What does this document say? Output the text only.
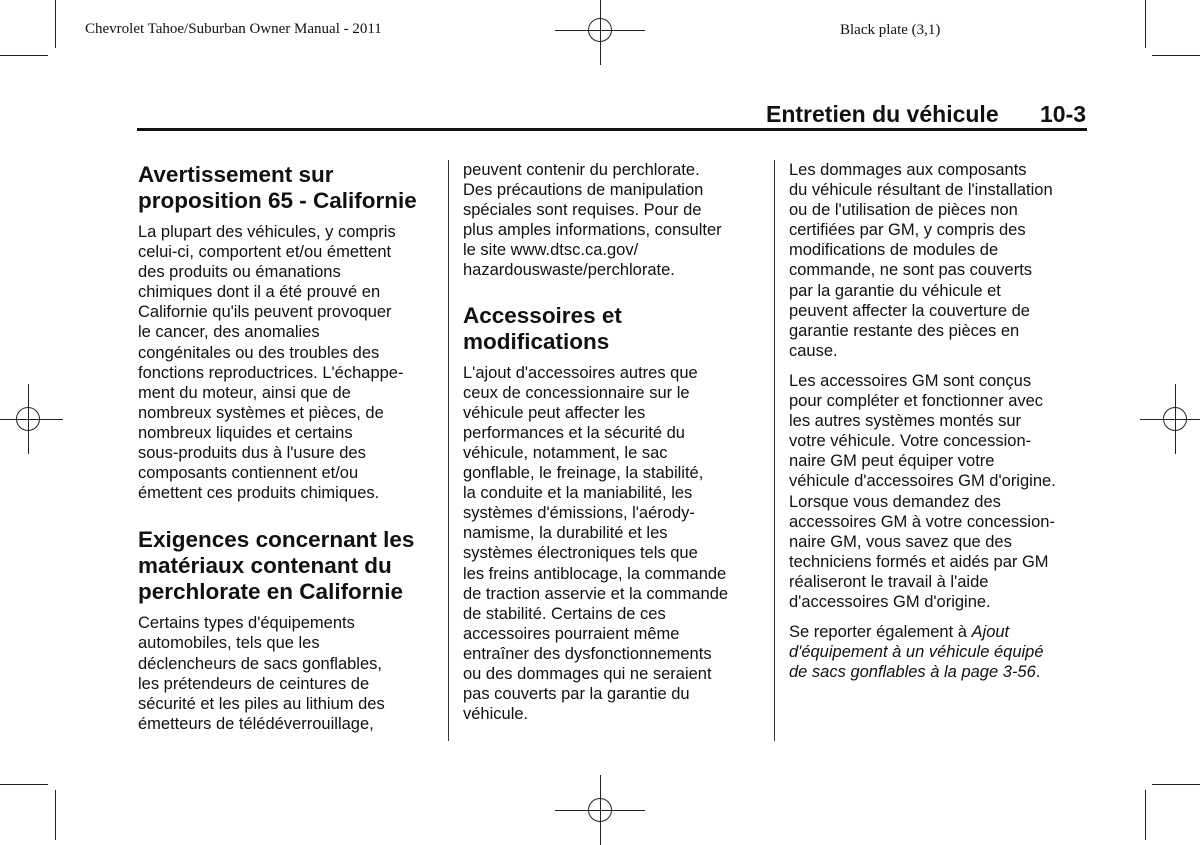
Chevrolet Tahoe/Suburban Owner Manual - 2011	Black plate (3,1)
Entretien du véhicule 10-3
Avertissement sur
proposition 65 - Californie

La plupart des véhicules, y compris
celui-ci, comportent et/ou émettent
des produits ou émanations
chimiques dont il a été prouvé en
Californie qu'ils peuvent provoquer
le cancer, des anomalies
congénitales ou des troubles des
fonctions reproductrices. L'échappe-
ment du moteur, ainsi que de
nombreux systèmes et pièces, de
nombreux liquides et certains
sous-produits dus à l'usure des
composants contiennent et/ou
émettent ces produits chimiques.

Exigences concernant les
matériaux contenant du
perchlorate en Californie

Certains types d'équipements
automobiles, tels que les
déclencheurs de sacs gonflables,
les prétendeurs de ceintures de
sécurité et les piles au lithium des
émetteurs de télédéverrouillage,

peuvent contenir du perchlorate.
Des précautions de manipulation
spéciales sont requises. Pour de
plus amples informations, consulter
le site www.dtsc.ca.gov/
hazardouswaste/perchlorate.

Accessoires et
modifications

L'ajout d'accessoires autres que
ceux de concessionnaire sur le
véhicule peut affecter les
performances et la sécurité du
véhicule, notamment, le sac
gonflable, le freinage, la stabilité,
la conduite et la maniabilité, les
systèmes d'émissions, l'aérody-
namisme, la durabilité et les
systèmes électroniques tels que
les freins antiblocage, la commande
de traction asservie et la commande
de stabilité. Certains de ces
accessoires pourraient même
entraîner des dysfonctionnements
ou des dommages qui ne seraient
pas couverts par la garantie du
véhicule.

Les dommages aux composants
du véhicule résultant de l'installation
ou de l'utilisation de pièces non
certifiées par GM, y compris des
modifications de modules de
commande, ne sont pas couverts
par la garantie du véhicule et
peuvent affecter la couverture de
garantie restante des pièces en
cause.

Les accessoires GM sont conçus
pour compléter et fonctionner avec
les autres systèmes montés sur
votre véhicule. Votre concession-
naire GM peut équiper votre
véhicule d'accessoires GM d'origine.
Lorsque vous demandez des
accessoires GM à votre concession-
naire GM, vous savez que des
techniciens formés et aidés par GM
réaliseront le travail à l'aide
d'accessoires GM d'origine.

Se reporter également à Ajout
d'équipement à un véhicule équipé
de sacs gonflables à la page 3-56.
